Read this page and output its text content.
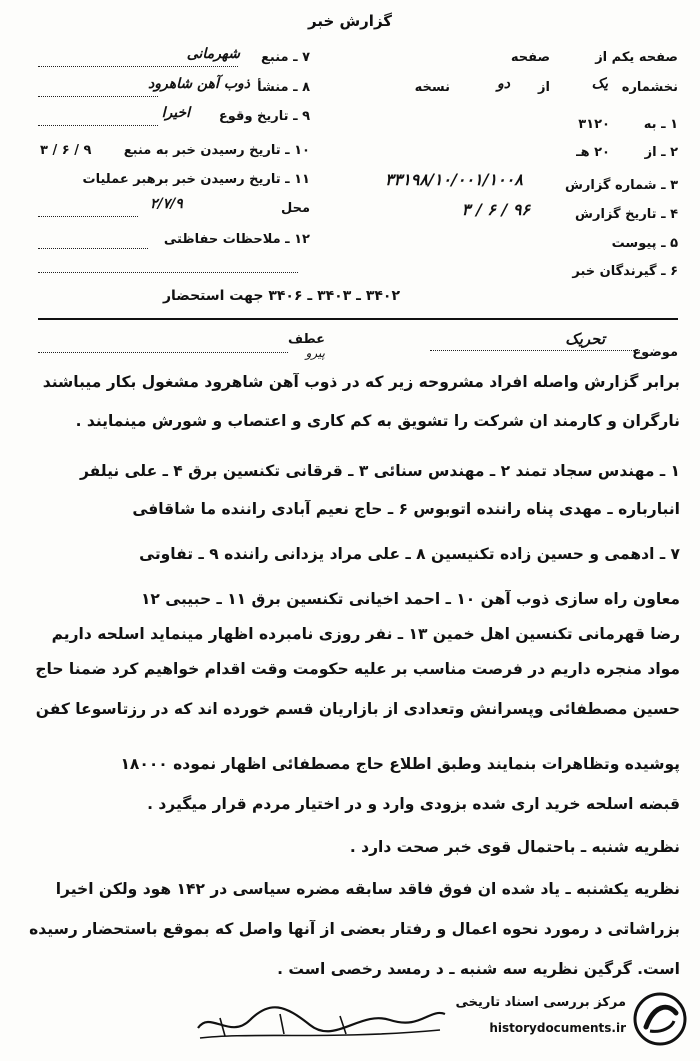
گزارش خبر
صفحه یکم از
صفحه
نخشماره
یک
از
دو
نسخه
۱ ـ به
۳۱۲۰
۲ ـ از
۲۰ هـ
۳ ـ شماره گزارش
۳۳۱۹۸/۱۰/۰۰۱/۱۰۰۸
۴ ـ تاریخ گزارش
۳ / ۶ / ۹۶
۵ ـ پیوست
۶ ـ گیرندگان خبر
۷ ـ منبع
شهرمانی
۸ ـ منشأ
ذوب آهن شاهرود
۹ ـ تاریخ وقوع
اخیرا
۱۰ ـ تاریخ رسیدن خبر به منبع
۳ / ۶ / ۹
۱۱ ـ تاریخ رسیدن خبر برهبر عملیات
محل
۲/۷/۹
۱۲ ـ ملاحظات حفاظتی
۳۴۰۲ ـ ۳۴۰۳ ـ ۳۴۰۶ جهت استحضار
موضوع
تحریک
عطف
پیرو
برابر گزارش واصله افراد مشروحه زیر که در ذوب آهن شاهرود مشغول بکار میباشند
نارگران و کارمند ان شرکت را تشویق به کم کاری و اعتصاب و شورش مینمایند .
۱ ـ مهندس سجاد تمند ۲ ـ مهندس سنائی ۳ ـ قرقانی تکنسین برق ۴ ـ علی نیلفر
انبارباره ـ مهدی پناه راننده اتوبوس ۶ ـ حاج نعیم آبادی راننده ما شاقافی
۷ ـ ادهمی و حسین زاده تکنیسین ۸ ـ علی مراد یزدانی راننده ۹ ـ تفاوتی
معاون راه سازی ذوب آهن ۱۰ ـ احمد اخیانی تکنسین برق ۱۱ ـ حبیبی ۱۲
رضا قهرمانی تکنسین اهل خمین ۱۳ ـ نفر روزی نامبرده اظهار مینماید اسلحه داریم
مواد منجره داریم در فرصت مناسب بر علیه حکومت وقت اقدام خواهیم کرد ضمنا حاج
حسین مصطفائی وپسرانش وتعدادی از بازاریان قسم خورده اند که در رزتاسوعا کفن
پوشیده وتظاهرات بنمایند وطبق اطلاع حاج مصطفائی اظهار نموده ۱۸۰۰۰
قبضه اسلحه خرید اری شده بزودی وارد و در اختیار مردم قرار میگیرد .
نظریه شنبه ـ باحتمال قوی خبر صحت دارد .
نظریه یکشنبه ـ یاد شده ان فوق فاقد سابقه مضره سیاسی در ۱۴۲ هود ولکن اخیرا
بزراشاتی د رمورد نحوه اعمال و رفتار بعضی از آنها واصل که بموقع باستحضار رسیده
است. گرگین نظریه سه شنبه ـ د رمسد رخصی است .
مرکز بررسی اسناد تاریخی
historydocuments.ir
